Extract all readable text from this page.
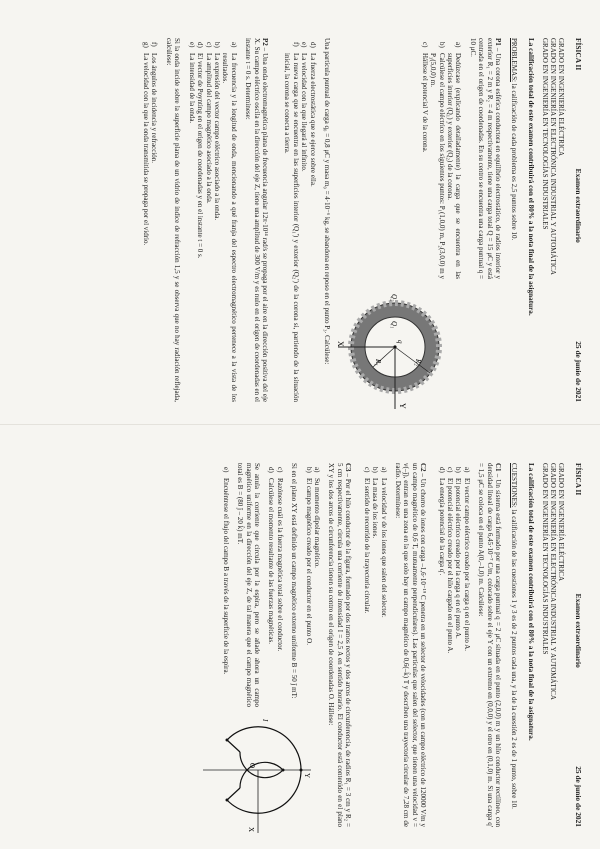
FÍSICA II
Examen extraordinario
25 de junio de 2021
GRADO EN INGENIERÍA ELÉCTRICA
GRADO EN INGENIERÍA EN ELECTRÓNICA INDUSTRIAL Y AUTOMÁTICA
GRADO EN INGENIERÍA EN TECNOLOGÍAS INDUSTRIALES
La calificación total de este examen contribuirá con el 80% a la nota final de la asignatura.
PROBLEMAS: la calificación de cada problema es 2,5 puntos sobre 10.
X
Y
R₁	R₂
q
Q₁
Q₂

P1 – Una corona esférica conductora en equilibrio electrostático, de radios interior y exterior R₁ = 2 m y R₂ = 4 m respectivamente, tiene una carga total Q = 15 μC y está centrada en el origen de coordenadas. En su centro se encuentra una carga puntual q = 10 μC.

a)
Dedúzcase (explicando detalladamente) la carga que se encuentra en las superficies interior (Q₁) y exterior (Q₂) de la corona.
b)
Calcúlese el campo eléctrico en los siguientes puntos: P₁(1,0,0) m, P₂(3,0,0) m y P₃(5,0,0) m.
c)
Hállese el potencial V de la corona.

Una partícula puntual de carga q₀ = 0,8 μC y masa m₀ = 4·10⁻⁶ kg, se abandona en reposo en el punto P₃. Calcúlese:

d)
La fuerza electrostática que se ejerce sobre ella.
e)
La velocidad con la que llegará al infinito.
f)
La nueva carga que se encuentra en las superficies interior (Q₁') y exterior (Q₂') de la corona si, partiendo de la situación inicial, la corona se conecta a tierra.

P2 – Una onda electromagnética plana de frecuencia angular 12π·10¹⁴ rad/s se propaga por el aire en la dirección positiva del eje X. Su campo eléctrico oscila en la dirección del eje Z, tiene una amplitud de 300 V/m y es nulo en el origen de coordenadas en el instante t = 0 s. Determínese:

a)
La frecuencia y la longitud de onda, mencionando a qué franja del espectro electromagnético pertenece a la vista de los resultados.
b)
La expresión del vector campo eléctrico asociado a la onda.
c)
La amplitud del campo magnético asociado a la onda.
d)
El vector de Poynting en el origen de coordenadas y en el instante t = 0 s.
e)
La intensidad de la onda.

Si la onda incide sobre la superficie plana de un vidrio de índice de refracción 1,5 y se observa que no hay radiación reflejada, calcúlese:

f)
Los ángulos de incidencia y refracción.
g)
La velocidad con la que la onda transmitida se propaga por el vidrio.
FÍSICA II
Examen extraordinario
25 de junio de 2021
GRADO EN INGENIERÍA ELÉCTRICA
GRADO EN INGENIERÍA EN ELECTRÓNICA INDUSTRIAL Y AUTOMÁTICA
GRADO EN INGENIERÍA EN TECNOLOGÍAS INDUSTRIALES
La calificación total de este examen contribuirá con el 80% a la nota final de la asignatura.
CUESTIONES: la calificación de las cuestiones 1 y 3 es de 2 puntos cada una, y la de la cuestión 2 es de 1 punto, sobre 10.

C1 – Un sistema está formado por una carga puntual q = 2 μC situada en el punto (2,0,0) m y un hilo conductor rectilíneo, con densidad lineal de carga 6,45·10⁻⁷ C/m, colocado sobre el eje Y con un extremo en (0,0,0) y el otro en (0,1,0) m. Si una carga q' = 1,5 μC se coloca en el punto A(0,–1,0) m. Calcúlese:

a)
El vector campo eléctrico creado por la carga q en el punto A.
b)
El potencial eléctrico creado por la carga q en el punto A.
c)
El potencial eléctrico creado por el hilo cargado en el punto A.
d)
La energía potencial de la carga q'.

C2 – Un chorro de iones con carga –1,6·10⁻¹⁹ C penetra en un selector de velocidades (con un campo eléctrico de 120000 V/m y un campo magnético de 0,6 T, mutuamente perpendiculares). Las partículas que salen del selector, que tienen una velocidad v = v(–ĵ), entran en una zona en la que solo hay un campo magnético de 0,6(–k̂) T y describen una trayectoria circular de 7,28 cm de radio. Determínese:

a)
La velocidad v de los iones que salen del selector.
b)
La masa de los iones.
c)
El sentido de recorrido de la trayectoria circular.

C3 – Por el hilo conductor de la figura, formado por dos tramos rectos y dos arcos de circunferencia, de radios R₁ = 3 cm y R₂ = 5 cm respectivamente, circula una corriente de intensidad I = 2,5 A en sentido horario. El conductor está contenido en el plano XY y los dos arcos de circunferencia tienen su centro en el origen de coordenadas O. Hállese:

Y
X
O
I
a)
Su momento dipolar magnético.
b)
El campo magnético creado por el conductor en el punto O.

Si en el plano XY está definido un campo magnético externo uniforme B = 50 ĵ mT:

c)
Razónese cuál es la fuerza magnética total sobre el conductor.
d)
Calcúlese el momento resultante de las fuerzas magnéticas.

Se anula la corriente que circula por la espira, pero se añade ahora un campo magnético uniforme en la dirección del eje Z, de tal manera que el campo magnético total es B = (80 ĵ – 20 k̂) mT.

e)
Encuéntrese el flujo del campo B a través de la superficie de la espira.
